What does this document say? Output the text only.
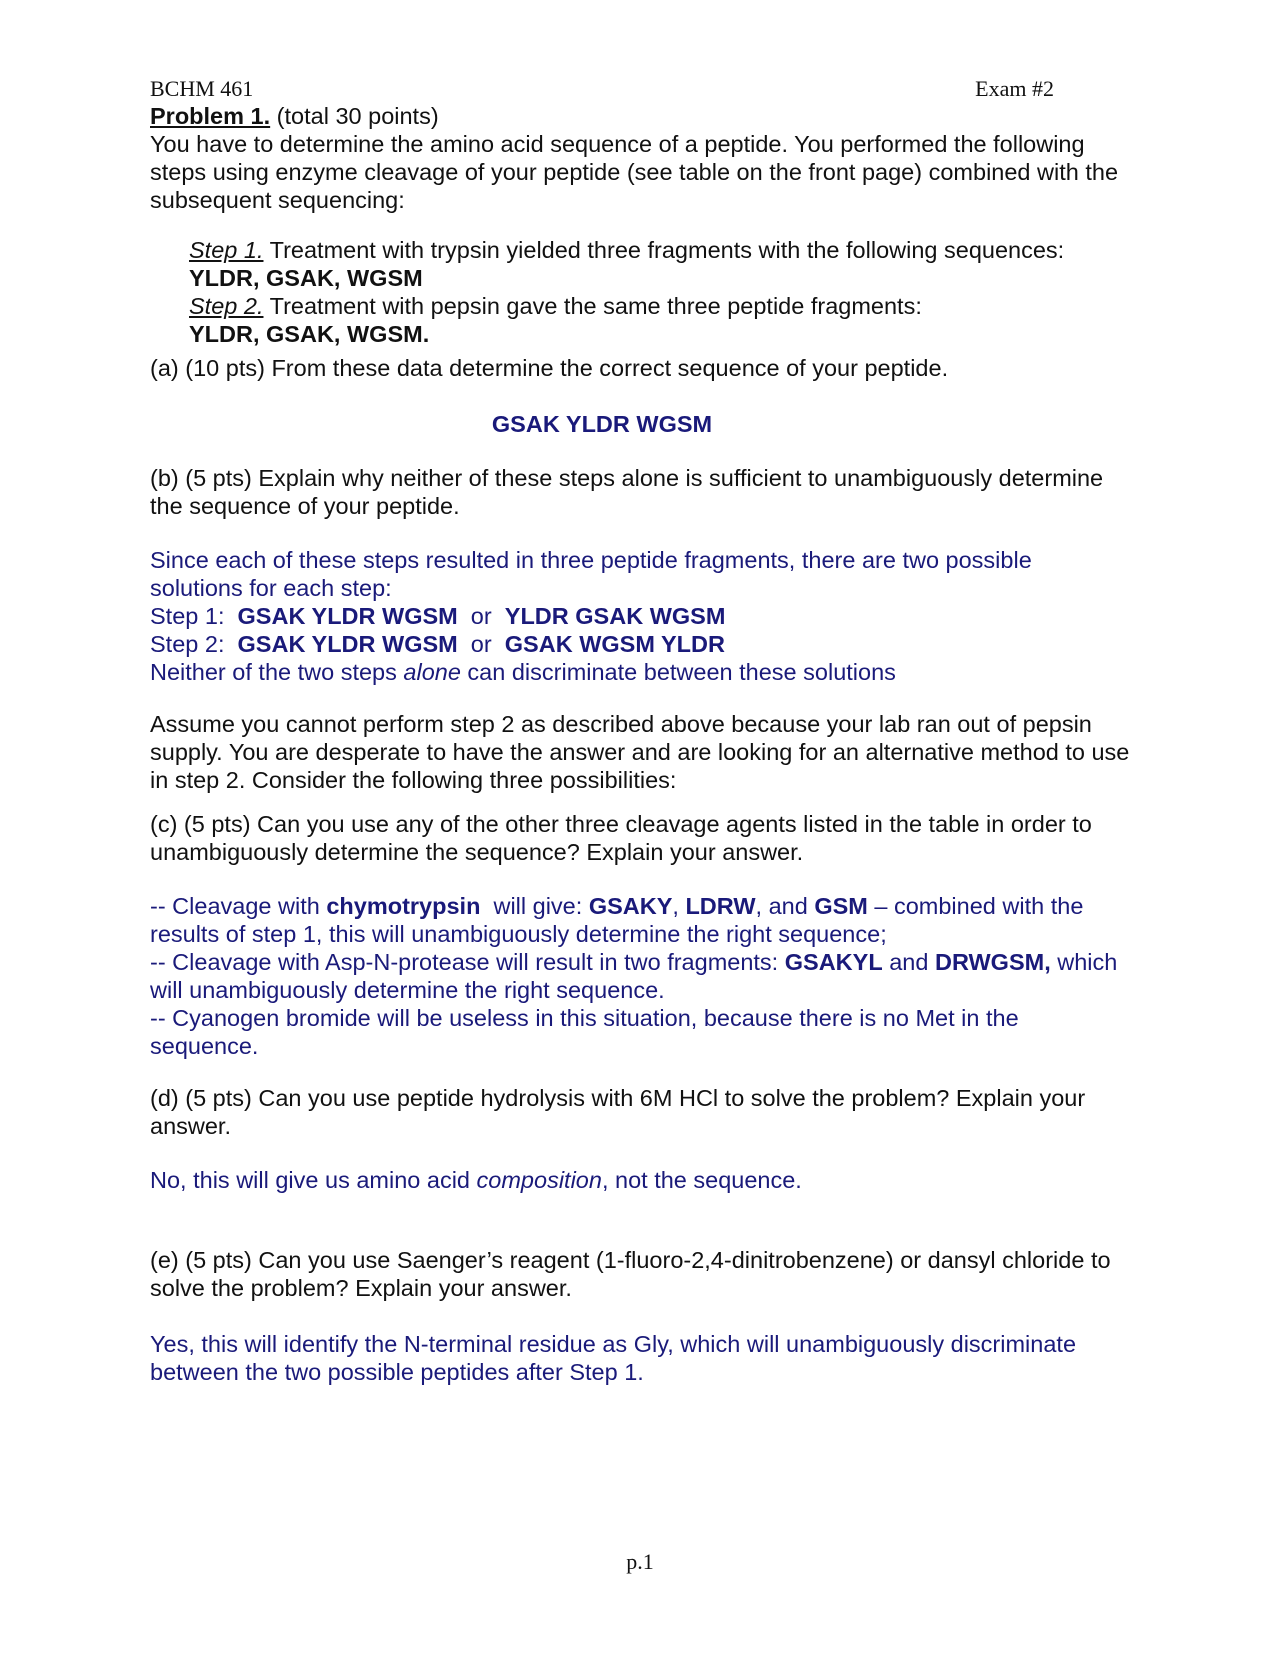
BCHM 461	Exam #2
Problem 1. (total 30 points)

You have to determine the amino acid sequence of a peptide. You performed the following steps using enzyme cleavage of your peptide (see table on the front page) combined with the subsequent sequencing:

Step 1. Treatment with trypsin yielded three fragments with the following sequences:
YLDR, GSAK, WGSM
Step 2. Treatment with pepsin gave the same three peptide fragments:
YLDR, GSAK, WGSM.

(a) (10 pts) From these data determine the correct sequence of your peptide.

GSAK YLDR WGSM

(b) (5 pts) Explain why neither of these steps alone is sufficient to unambiguously determine the sequence of your peptide.

Since each of these steps resulted in three peptide fragments, there are two possible solutions for each step:
Step 1:  GSAK YLDR WGSM  or  YLDR GSAK WGSM
Step 2:  GSAK YLDR WGSM  or  GSAK WGSM YLDR
Neither of the two steps alone can discriminate between these solutions

Assume you cannot perform step 2 as described above because your lab ran out of pepsin supply. You are desperate to have the answer and are looking for an alternative method to use in step 2. Consider the following three possibilities:

(c) (5 pts) Can you use any of the other three cleavage agents listed in the table in order to unambiguously determine the sequence? Explain your answer.

-- Cleavage with chymotrypsin  will give: GSAKY, LDRW, and GSM – combined with the results of step 1, this will unambiguously determine the right sequence;
-- Cleavage with Asp-N-protease will result in two fragments: GSAKYL and DRWGSM, which will unambiguously determine the right sequence.
-- Cyanogen bromide will be useless in this situation, because there is no Met in the sequence.

(d) (5 pts) Can you use peptide hydrolysis with 6M HCl to solve the problem? Explain your answer.

No, this will give us amino acid composition, not the sequence.

(e) (5 pts) Can you use Saenger’s reagent (1-fluoro-2,4-dinitrobenzene) or dansyl chloride to solve the problem? Explain your answer.

Yes, this will identify the N-terminal residue as Gly, which will unambiguously discriminate between the two possible peptides after Step 1.

p.1
